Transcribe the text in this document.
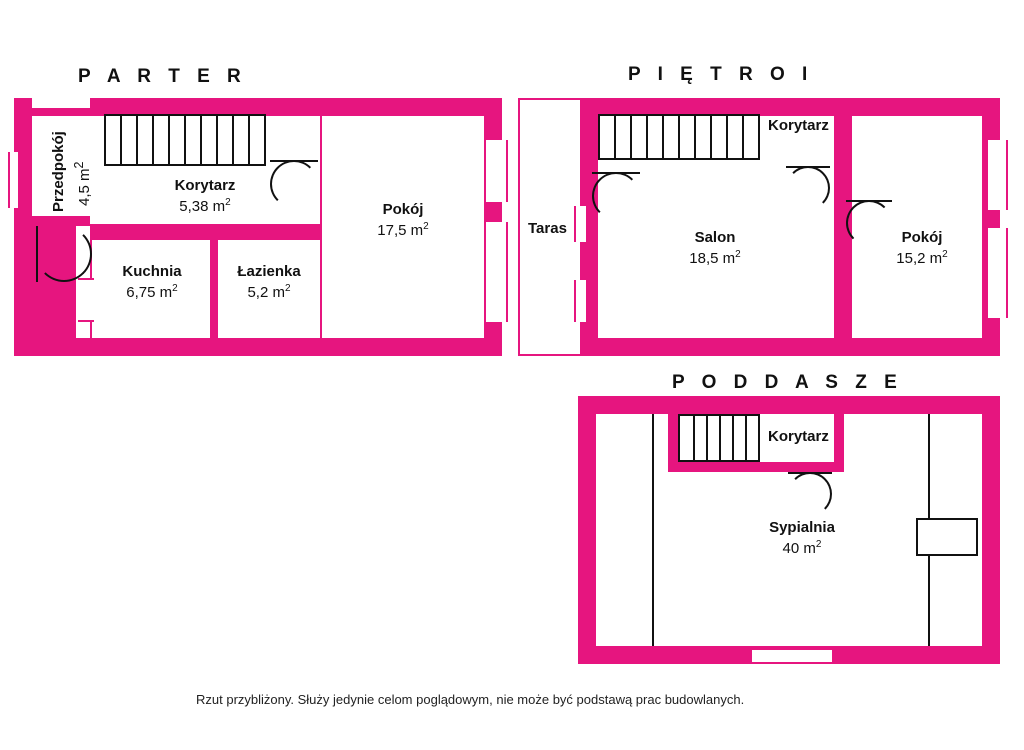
P A R T E R
Przedpokój 4,5 $m^2$
Korytarz
5,38 $m^2$	Pokój
17,5 $m^2$
Kuchnia
6,75 $m^2$
Łazienka
5,2 $m^2$
P I Ę T R O I
Taras
Korytarz
Salon
18,5 $m^2$
Pokój
15,2 $m^2$
P O D D A S Z E
Korytarz
Sypialnia
40 $m^2$
Rzut przybliżony. Służy jedynie celom poglądowym, nie może być podstawą prac budowlanych.
